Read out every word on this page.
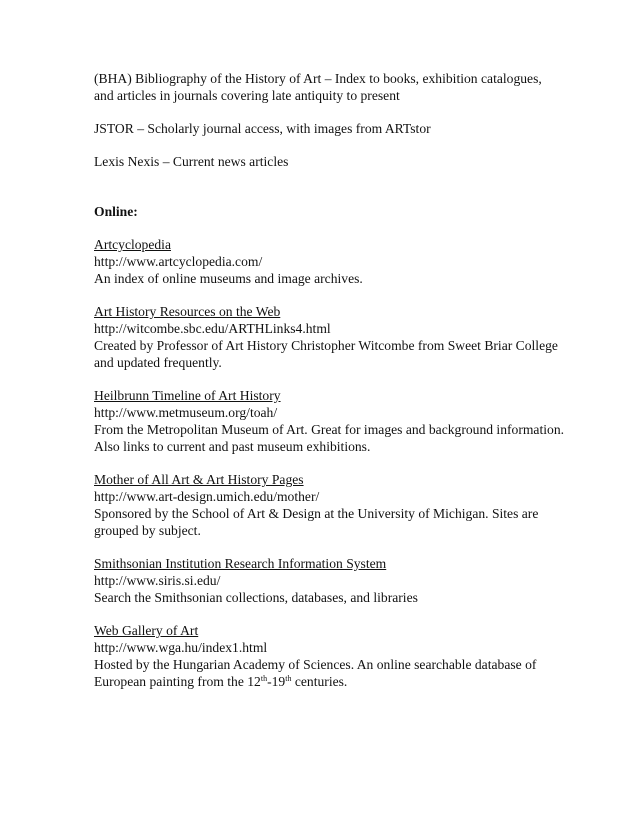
(BHA) Bibliography of the History of Art – Index to books, exhibition catalogues, and articles in journals covering late antiquity to present

JSTOR – Scholarly journal access, with images from ARTstor

Lexis Nexis – Current news articles

Online:

Artcyclopedia
http://www.artcyclopedia.com/
An index of online museums and image archives.
Art History Resources on the Web
http://witcombe.sbc.edu/ARTHLinks4.html
Created by Professor of Art History Christopher Witcombe from Sweet Briar College and updated frequently.
Heilbrunn Timeline of Art History
http://www.metmuseum.org/toah/
From the Metropolitan Museum of Art. Great for images and background information. Also links to current and past museum exhibitions.
Mother of All Art & Art History Pages
http://www.art-design.umich.edu/mother/
Sponsored by the School of Art & Design at the University of Michigan. Sites are grouped by subject.
Smithsonian Institution Research Information System
http://www.siris.si.edu/
Search the Smithsonian collections, databases, and libraries
Web Gallery of Art
http://www.wga.hu/index1.html
Hosted by the Hungarian Academy of Sciences. An online searchable database of European painting from the 12th-19th centuries.
